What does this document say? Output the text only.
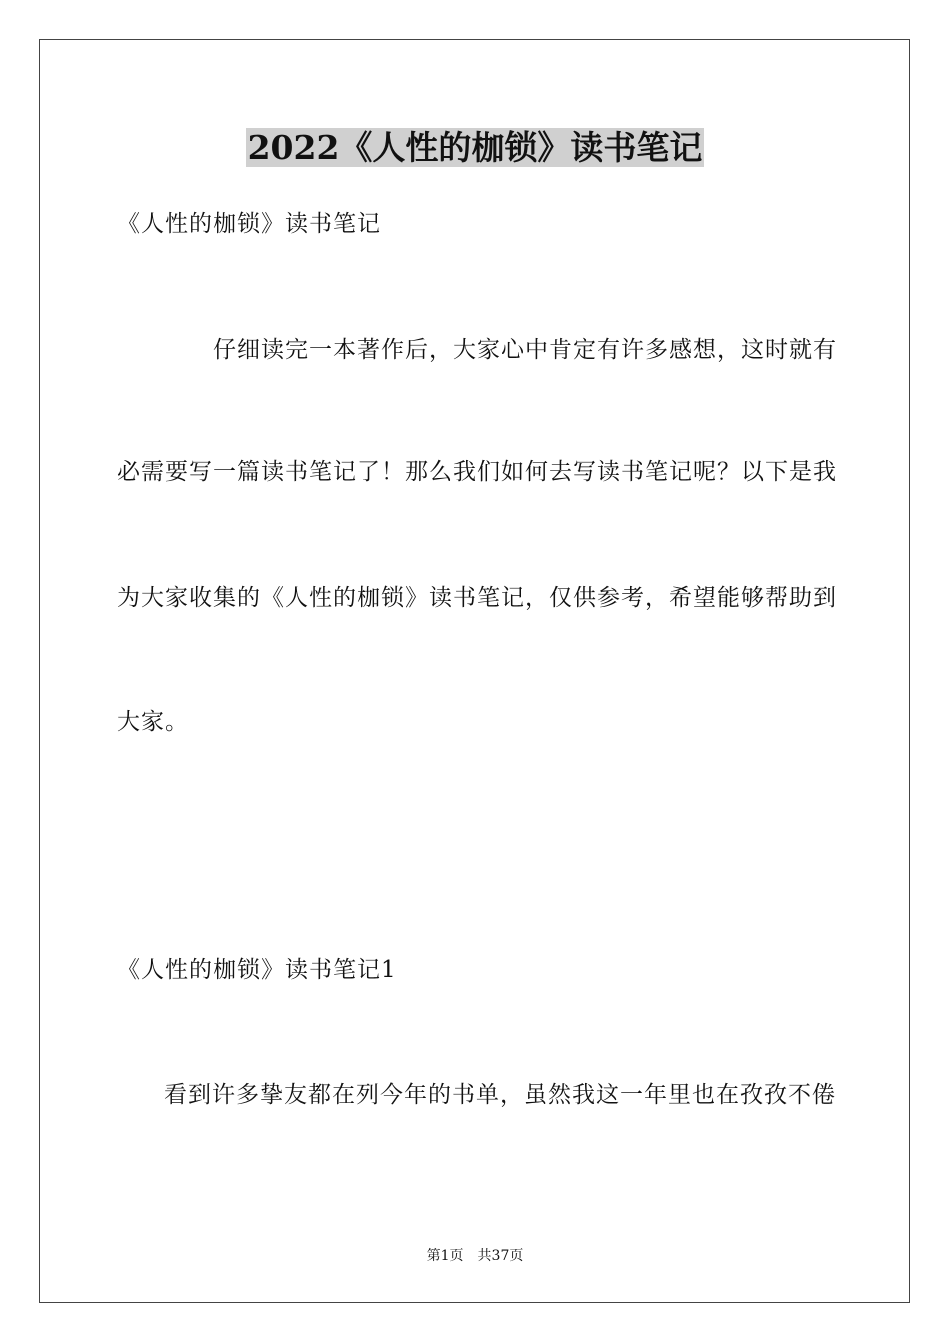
2022《人性的枷锁》读书笔记
《人性的枷锁》读书笔记
仔细读完一本著作后，大家心中肯定有许多感想，这时就有
必需要写一篇读书笔记了！那么我们如何去写读书笔记呢？以下是我
为大家收集的《人性的枷锁》读书笔记，仅供参考，希望能够帮助到
大家。
《人性的枷锁》读书笔记1
看到许多挚友都在列今年的书单，虽然我这一年里也在孜孜不倦
第1页 共37页
